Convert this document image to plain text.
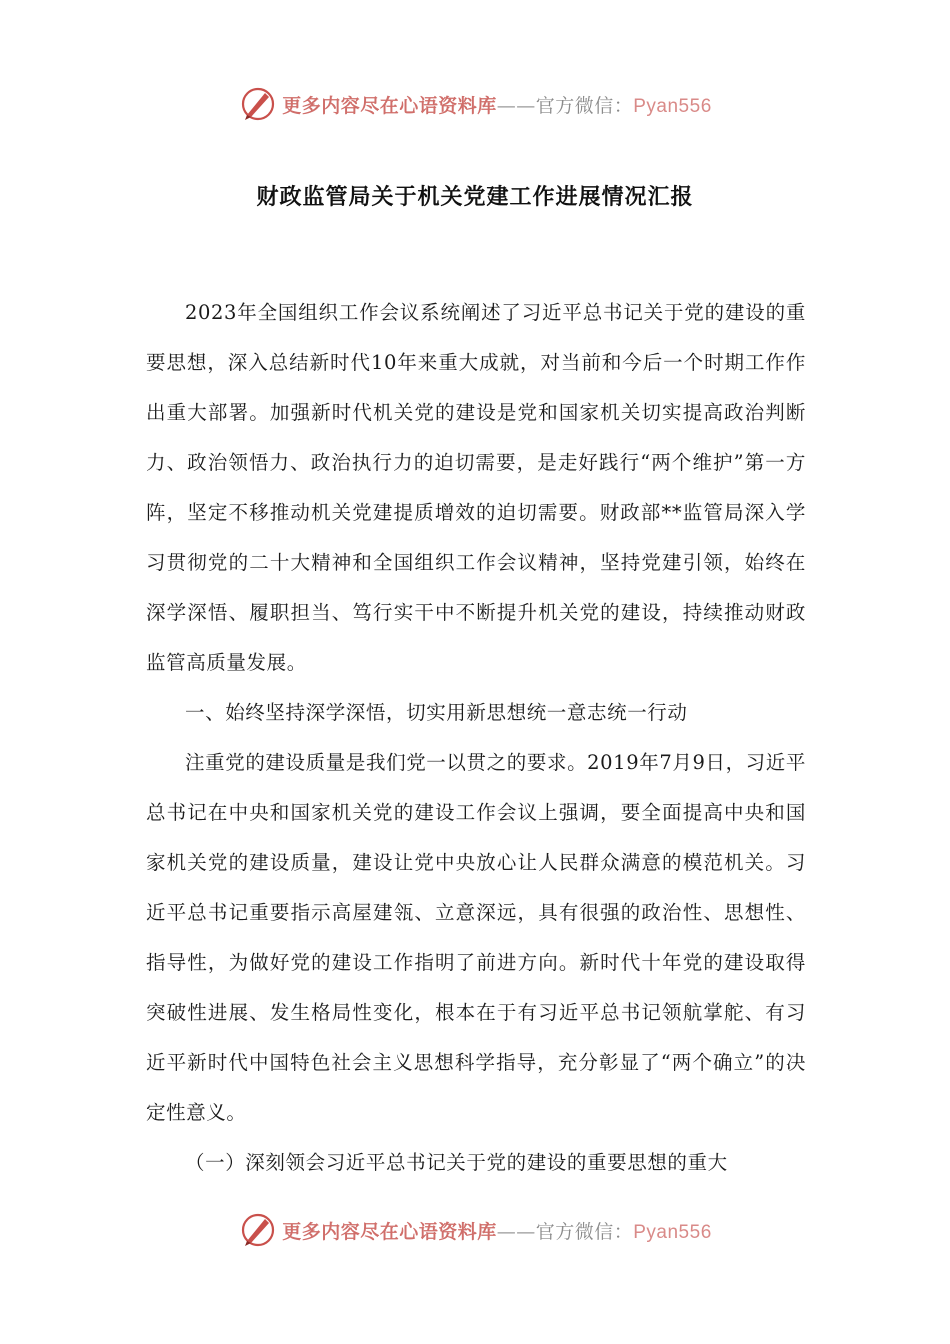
更多内容尽在心语资料库——官方微信：Pyan556
财政监管局关于机关党建工作进展情况汇报

2023年全国组织工作会议系统阐述了习近平总书记关于党的建设的重要思想，深入总结新时代10年来重大成就，对当前和今后一个时期工作作出重大部署。加强新时代机关党的建设是党和国家机关切实提高政治判断力、政治领悟力、政治执行力的迫切需要，是走好践行“两个维护”第一方阵，坚定不移推动机关党建提质增效的迫切需要。财政部**监管局深入学习贯彻党的二十大精神和全国组织工作会议精神，坚持党建引领，始终在深学深悟、履职担当、笃行实干中不断提升机关党的建设，持续推动财政监管高质量发展。

一、始终坚持深学深悟，切实用新思想统一意志统一行动

注重党的建设质量是我们党一以贯之的要求。2019年7月9日，习近平总书记在中央和国家机关党的建设工作会议上强调，要全面提高中央和国家机关党的建设质量，建设让党中央放心让人民群众满意的模范机关。习近平总书记重要指示高屋建瓴、立意深远，具有很强的政治性、思想性、指导性，为做好党的建设工作指明了前进方向。新时代十年党的建设取得突破性进展、发生格局性变化，根本在于有习近平总书记领航掌舵、有习近平新时代中国特色社会主义思想科学指导，充分彰显了“两个确立”的决定性意义。

（一）深刻领会习近平总书记关于党的建设的重要思想的重大

更多内容尽在心语资料库——官方微信：Pyan556
